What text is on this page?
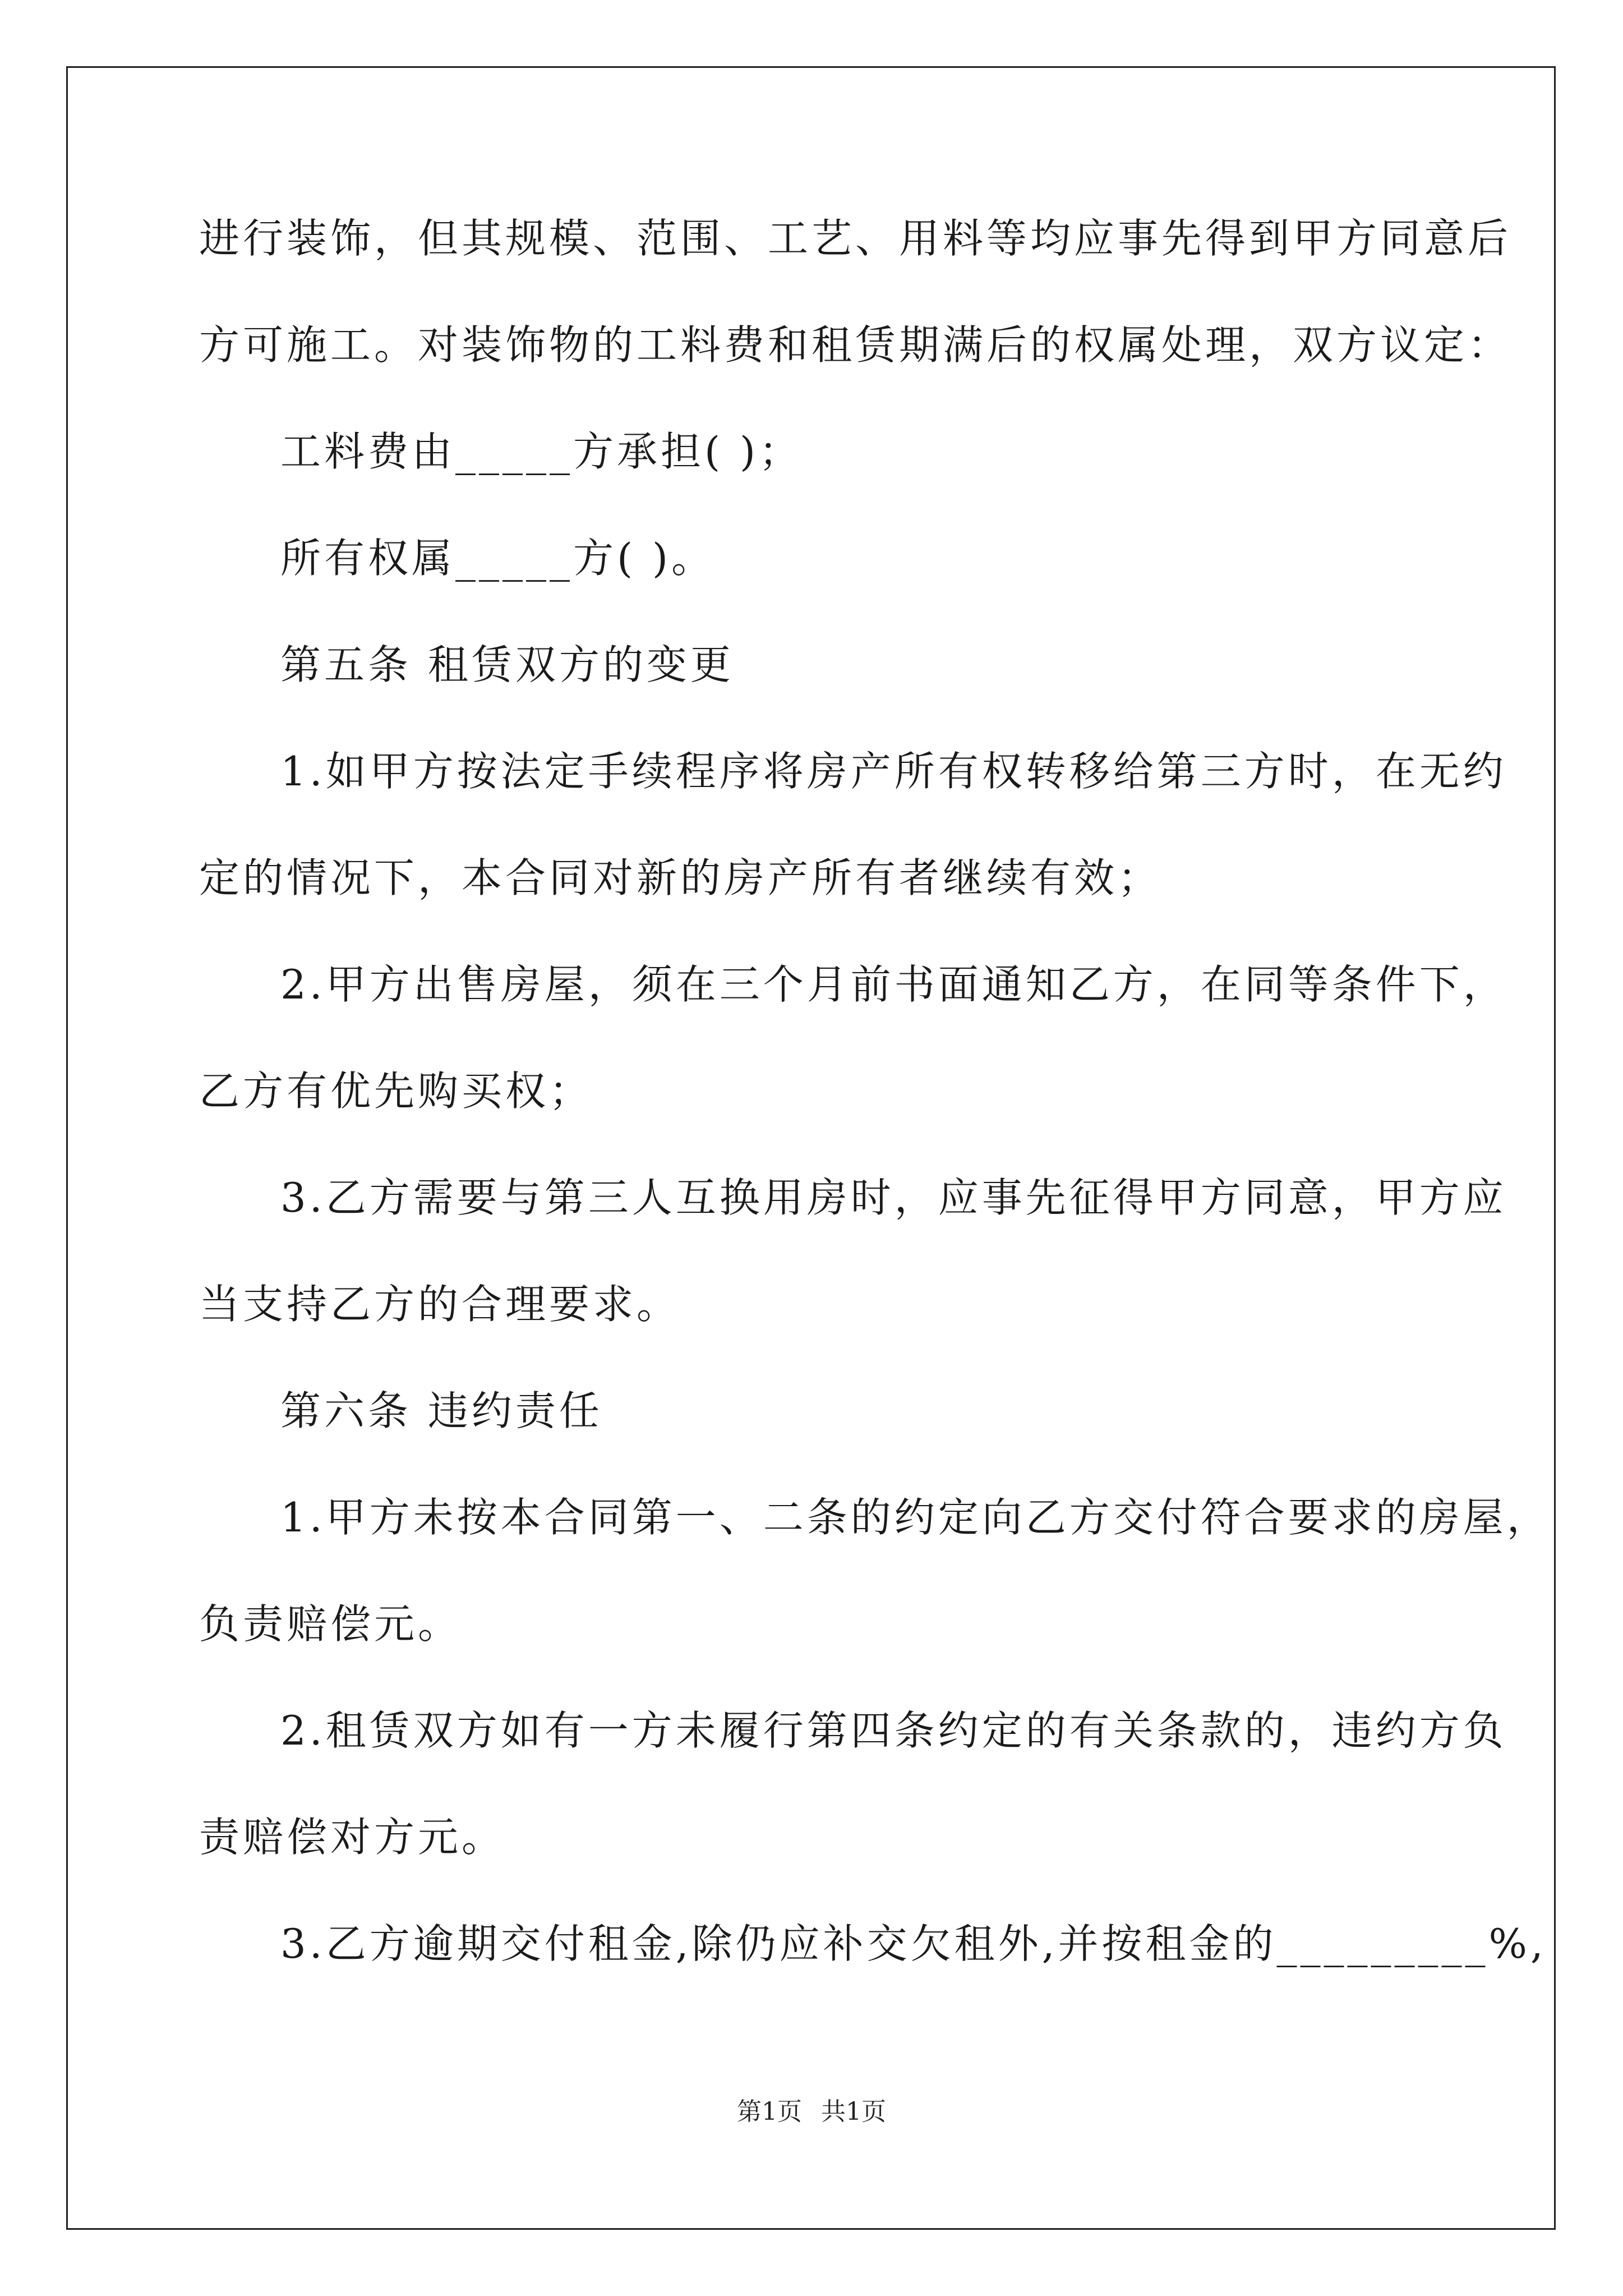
进行装饰，但其规模、范围、工艺、用料等均应事先得到甲方同意后
方可施工。对装饰物的工料费和租赁期满后的权属处理，双方议定：
工料费由_____方承担( )；
所有权属_____方( )。
第五条 租赁双方的变更
1.如甲方按法定手续程序将房产所有权转移给第三方时，在无约
定的情况下，本合同对新的房产所有者继续有效；
2.甲方出售房屋，须在三个月前书面通知乙方，在同等条件下，
乙方有优先购买权；
3.乙方需要与第三人互换用房时，应事先征得甲方同意，甲方应
当支持乙方的合理要求。
第六条 违约责任
1.甲方未按本合同第一、二条的约定向乙方交付符合要求的房屋，
负责赔偿元。
2.租赁双方如有一方未履行第四条约定的有关条款的，违约方负
责赔偿对方元。
3.乙方逾期交付租金,除仍应补交欠租外,并按租金的_________%,
第1页 共1页
